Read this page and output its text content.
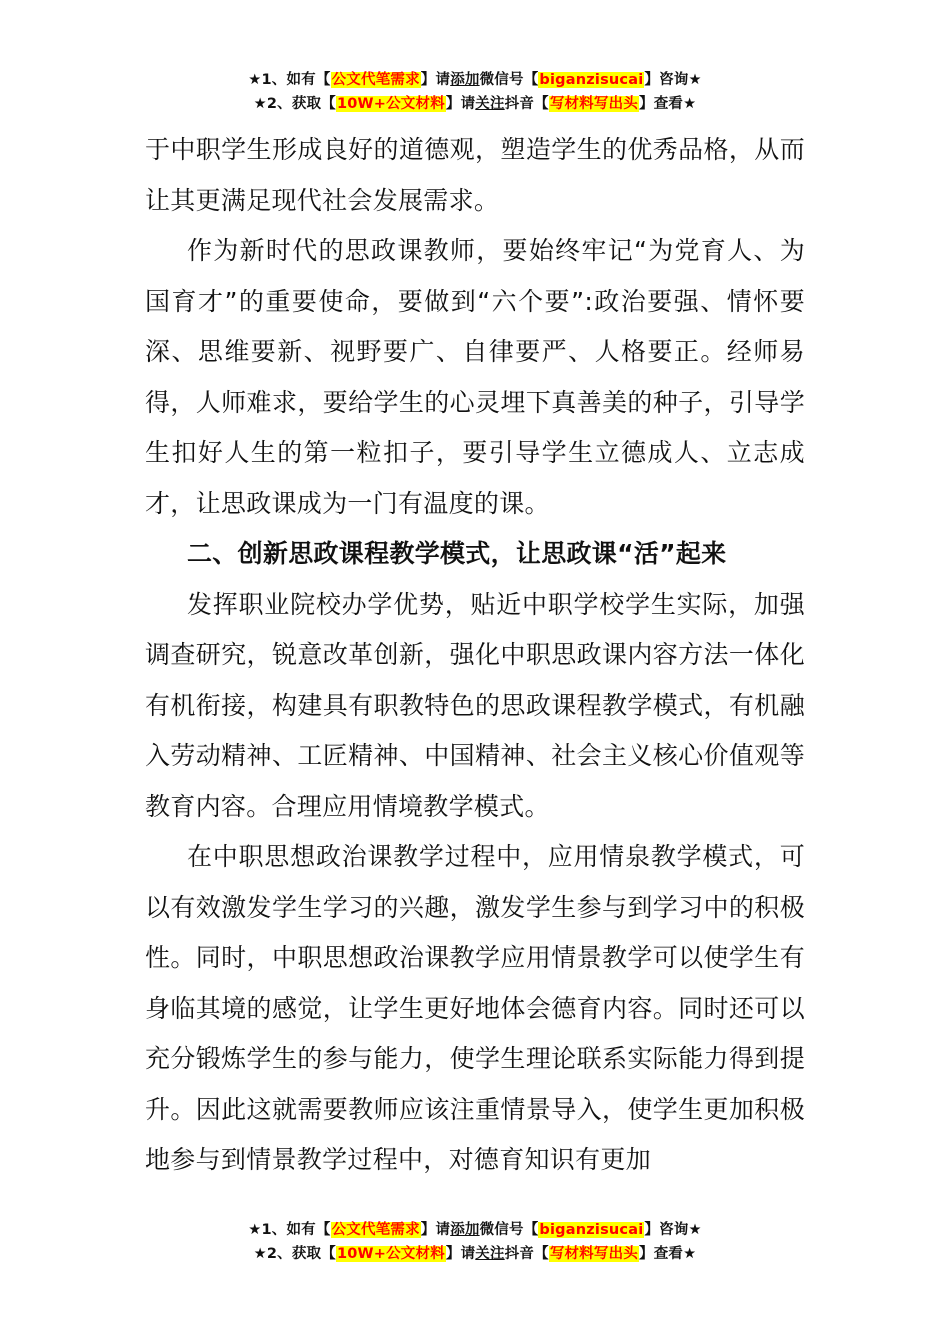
★1、如有【公文代笔需求】请添加微信号【biganzisucai】咨询★
★2、获取【10W+公文材料】请关注抖音【写材料写出头】查看★

于中职学生形成良好的道德观，塑造学生的优秀品格，从而让其更满足现代社会发展需求。

作为新时代的思政课教师，要始终牢记“为党育人、为国育才”的重要使命，要做到“六个要”:政治要强、情怀要深、思维要新、视野要广、自律要严、人格要正。经师易得，人师难求，要给学生的心灵埋下真善美的种子，引导学生扣好人生的第一粒扣子，要引导学生立德成人、立志成才，让思政课成为一门有温度的课。

二、创新思政课程教学模式，让思政课“活”起来

发挥职业院校办学优势，贴近中职学校学生实际，加强调查研究，锐意改革创新，强化中职思政课内容方法一体化有机衔接，构建具有职教特色的思政课程教学模式，有机融入劳动精神、工匠精神、中国精神、社会主义核心价值观等教育内容。合理应用情境教学模式。

在中职思想政治课教学过程中，应用情泉教学模式，可以有效激发学生学习的兴趣，激发学生参与到学习中的积极性。同时，中职思想政治课教学应用情景教学可以使学生有身临其境的感觉，让学生更好地体会德育内容。同时还可以充分锻炼学生的参与能力，使学生理论联系实际能力得到提升。因此这就需要教师应该注重情景导入，使学生更加积极地参与到情景教学过程中，对德育知识有更加

★1、如有【公文代笔需求】请添加微信号【biganzisucai】咨询★
★2、获取【10W+公文材料】请关注抖音【写材料写出头】查看★
